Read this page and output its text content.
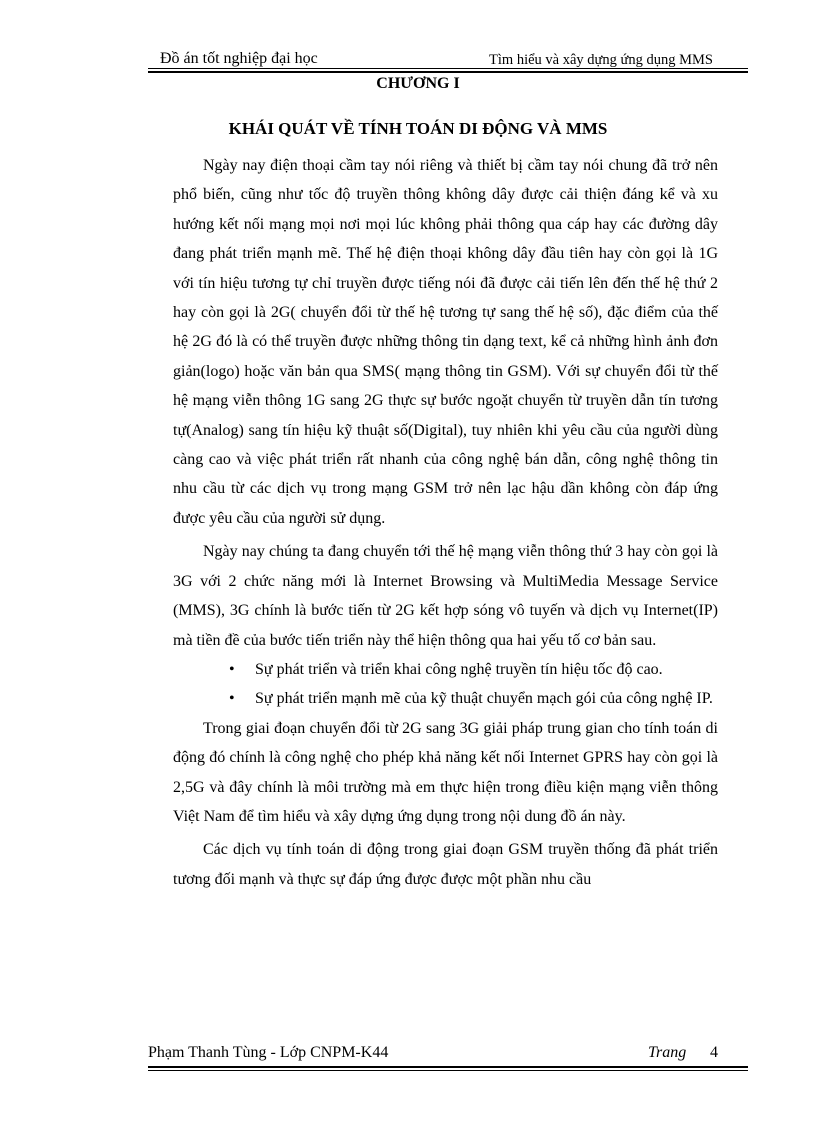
Đồ án tốt nghiệp đại học	Tìm hiểu và xây dựng ứng dụng MMS
CHƯƠNG I
KHÁI QUÁT VỀ TÍNH TOÁN DI ĐỘNG VÀ MMS

Ngày nay điện thoại cầm tay nói riêng và thiết bị cầm tay nói chung đã trở nên phổ biến, cũng như tốc độ truyền thông không dây được cải thiện đáng kể và xu hướng kết nối mạng mọi nơi mọi lúc không phải thông qua cáp hay các đường dây đang phát triển mạnh mẽ. Thế hệ điện thoại không dây đầu tiên hay còn gọi là 1G với tín hiệu tương tự chỉ truyền được tiếng nói đã được cải tiến lên đến thế hệ thứ 2 hay còn gọi là 2G( chuyển đổi từ thế hệ tương tự sang thế hệ số), đặc điểm của thế hệ 2G đó là có thể truyền được những thông tin dạng text, kể cả những hình ảnh đơn giản(logo) hoặc văn bản qua SMS( mạng thông tin GSM). Với sự chuyển đổi từ thế hệ mạng viễn thông 1G sang 2G thực sự bước ngoặt chuyển từ truyền dẫn tín tương tự(Analog) sang tín hiệu kỹ thuật số(Digital), tuy nhiên khi yêu cầu của người dùng càng cao và việc phát triển rất nhanh của công nghệ bán dẫn, công nghệ thông tin nhu cầu từ các dịch vụ trong mạng GSM trở nên lạc hậu dần không còn đáp ứng được yêu cầu của người sử dụng.

Ngày nay chúng ta đang chuyển tới thế hệ mạng viễn thông thứ 3 hay còn gọi là 3G với 2 chức năng mới là Internet Browsing và MultiMedia Message Service (MMS), 3G chính là bước tiến từ 2G kết hợp sóng vô tuyến và dịch vụ Internet(IP) mà tiền đề của bước tiến triển này thể hiện thông qua hai yếu tố cơ bản sau.

• Sự phát triển và triển khai công nghệ truyền tín hiệu tốc độ cao.
• Sự phát triển mạnh mẽ của kỹ thuật chuyển mạch gói của công nghệ IP.

Trong giai đoạn chuyển đổi từ 2G sang 3G giải pháp trung gian cho tính toán di động đó chính là công nghệ cho phép khả năng kết nối Internet GPRS hay còn gọi là 2,5G và đây chính là môi trường mà em thực hiện trong điều kiện mạng viễn thông Việt Nam để tìm hiểu và xây dựng ứng dụng trong nội dung đồ án này.

Các dịch vụ tính toán di động trong giai đoạn GSM truyền thống đã phát triển tương đối mạnh và thực sự đáp ứng được được một phần nhu cầu

Phạm Thanh Tùng - Lớp CNPM-K44	Trang 4
